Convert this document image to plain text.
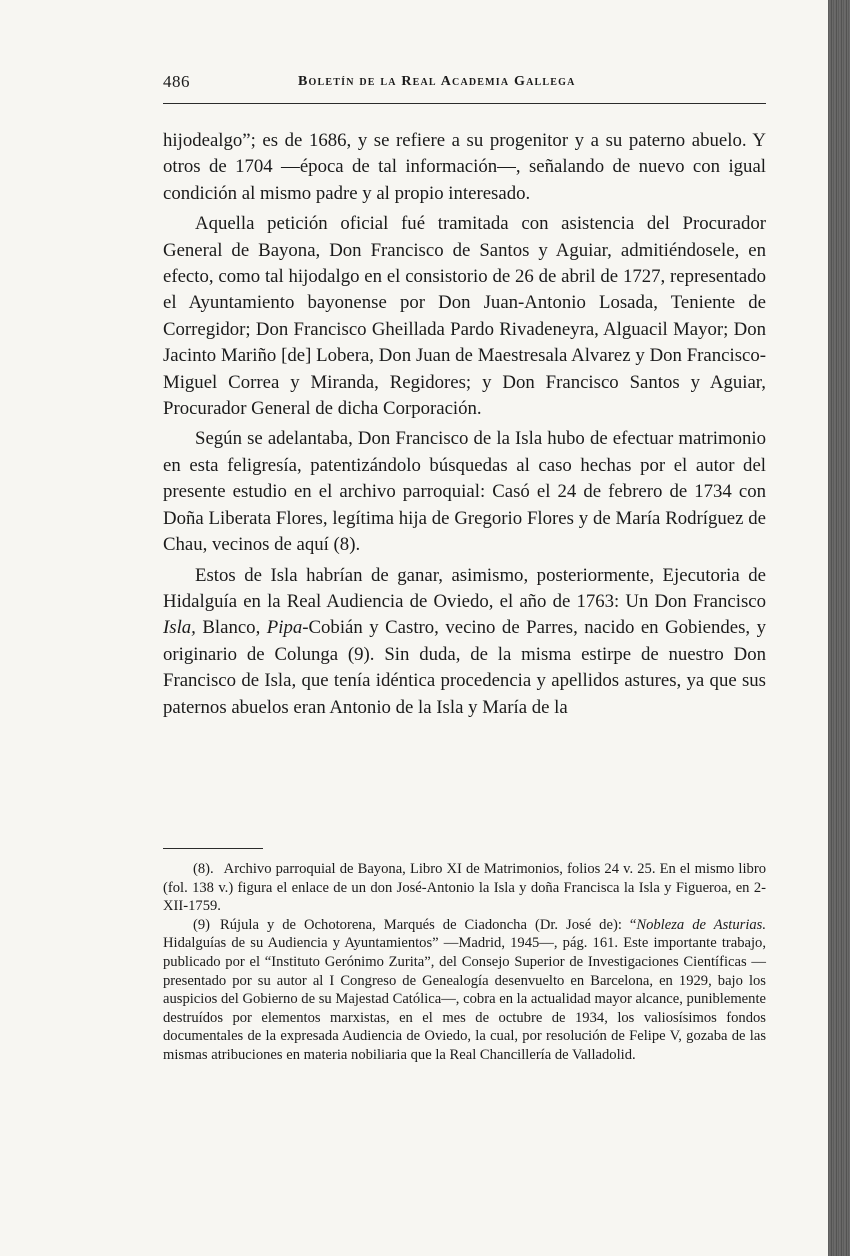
486	Boletín de la Real Academia Gallega

hijodealgo”; es de 1686, y se refiere a su progenitor y a su paterno abuelo. Y otros de 1704 —época de tal información—, señalando de nuevo con igual condición al mismo padre y al propio interesado.

Aquella petición oficial fué tramitada con asistencia del Procurador General de Bayona, Don Francisco de Santos y Aguiar, admitiéndosele, en efecto, como tal hijodalgo en el consistorio de 26 de abril de 1727, representado el Ayuntamiento bayonense por Don Juan-Antonio Losada, Teniente de Corregidor; Don Francisco Gheillada Pardo Rivadeneyra, Alguacil Mayor; Don Jacinto Mariño [de] Lobera, Don Juan de Maestresala Alvarez y Don Francisco-Miguel Correa y Miranda, Regidores; y Don Francisco Santos y Aguiar, Procurador General de dicha Corporación.

Según se adelantaba, Don Francisco de la Isla hubo de efectuar matrimonio en esta feligresía, patentizándolo búsquedas al caso hechas por el autor del presente estudio en el archivo parroquial: Casó el 24 de febrero de 1734 con Doña Liberata Flores, legítima hija de Gregorio Flores y de María Rodríguez de Chau, vecinos de aquí (8).

Estos de Isla habrían de ganar, asimismo, posteriormente, Ejecutoria de Hidalguía en la Real Audiencia de Oviedo, el año de 1763: Un Don Francisco Isla, Blanco, Pipa-Cobián y Castro, vecino de Parres, nacido en Gobiendes, y originario de Colunga (9). Sin duda, de la misma estirpe de nuestro Don Francisco de Isla, que tenía idéntica procedencia y apellidos astures, ya que sus paternos abuelos eran Antonio de la Isla y María de la

(8). Archivo parroquial de Bayona, Libro XI de Matrimonios, folios 24 v. 25. En el mismo libro (fol. 138 v.) figura el enlace de un don José-Antonio la Isla y doña Francisca la Isla y Figueroa, en 2-XII-1759.

(9) Rújula y de Ochotorena, Marqués de Ciadoncha (Dr. José de): “Nobleza de Asturias. Hidalguías de su Audiencia y Ayuntamientos” —Madrid, 1945—, pág. 161. Este importante trabajo, publicado por el “Instituto Gerónimo Zurita”, del Consejo Superior de Investigaciones Científicas —presentado por su autor al I Congreso de Genealogía desenvuelto en Barcelona, en 1929, bajo los auspicios del Gobierno de su Majestad Católica—, cobra en la actualidad mayor alcance, puniblemente destruídos por elementos marxistas, en el mes de octubre de 1934, los valiosísimos fondos documentales de la expresada Audiencia de Oviedo, la cual, por resolución de Felipe V, gozaba de las mismas atribuciones en materia nobiliaria que la Real Chancillería de Valladolid.
